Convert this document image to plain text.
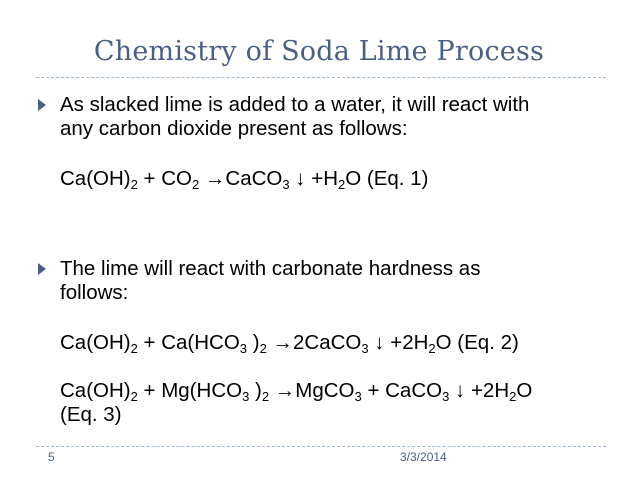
Chemistry of Soda Lime Process
As slacked lime is added to a water, it will react with
any carbon dioxide present as follows:
$Ca(OH)_2 + CO_2$ →CaCO$_3$ ↓ $+H_2O$ (Eq. 1)
The lime will react with carbonate hardness as
follows:
$Ca(OH)_2 + Ca(HCO_3$ )$_2$ →2CaCO$_3$ ↓ $+2H_2O$ (Eq. 2)
$Ca(OH)_2 + Mg(HCO_3$ )$_2$ →MgCO$_3$ + CaCO$_3$ ↓ $+2H_2O$
(Eq. 3)
5	3/3/2014
